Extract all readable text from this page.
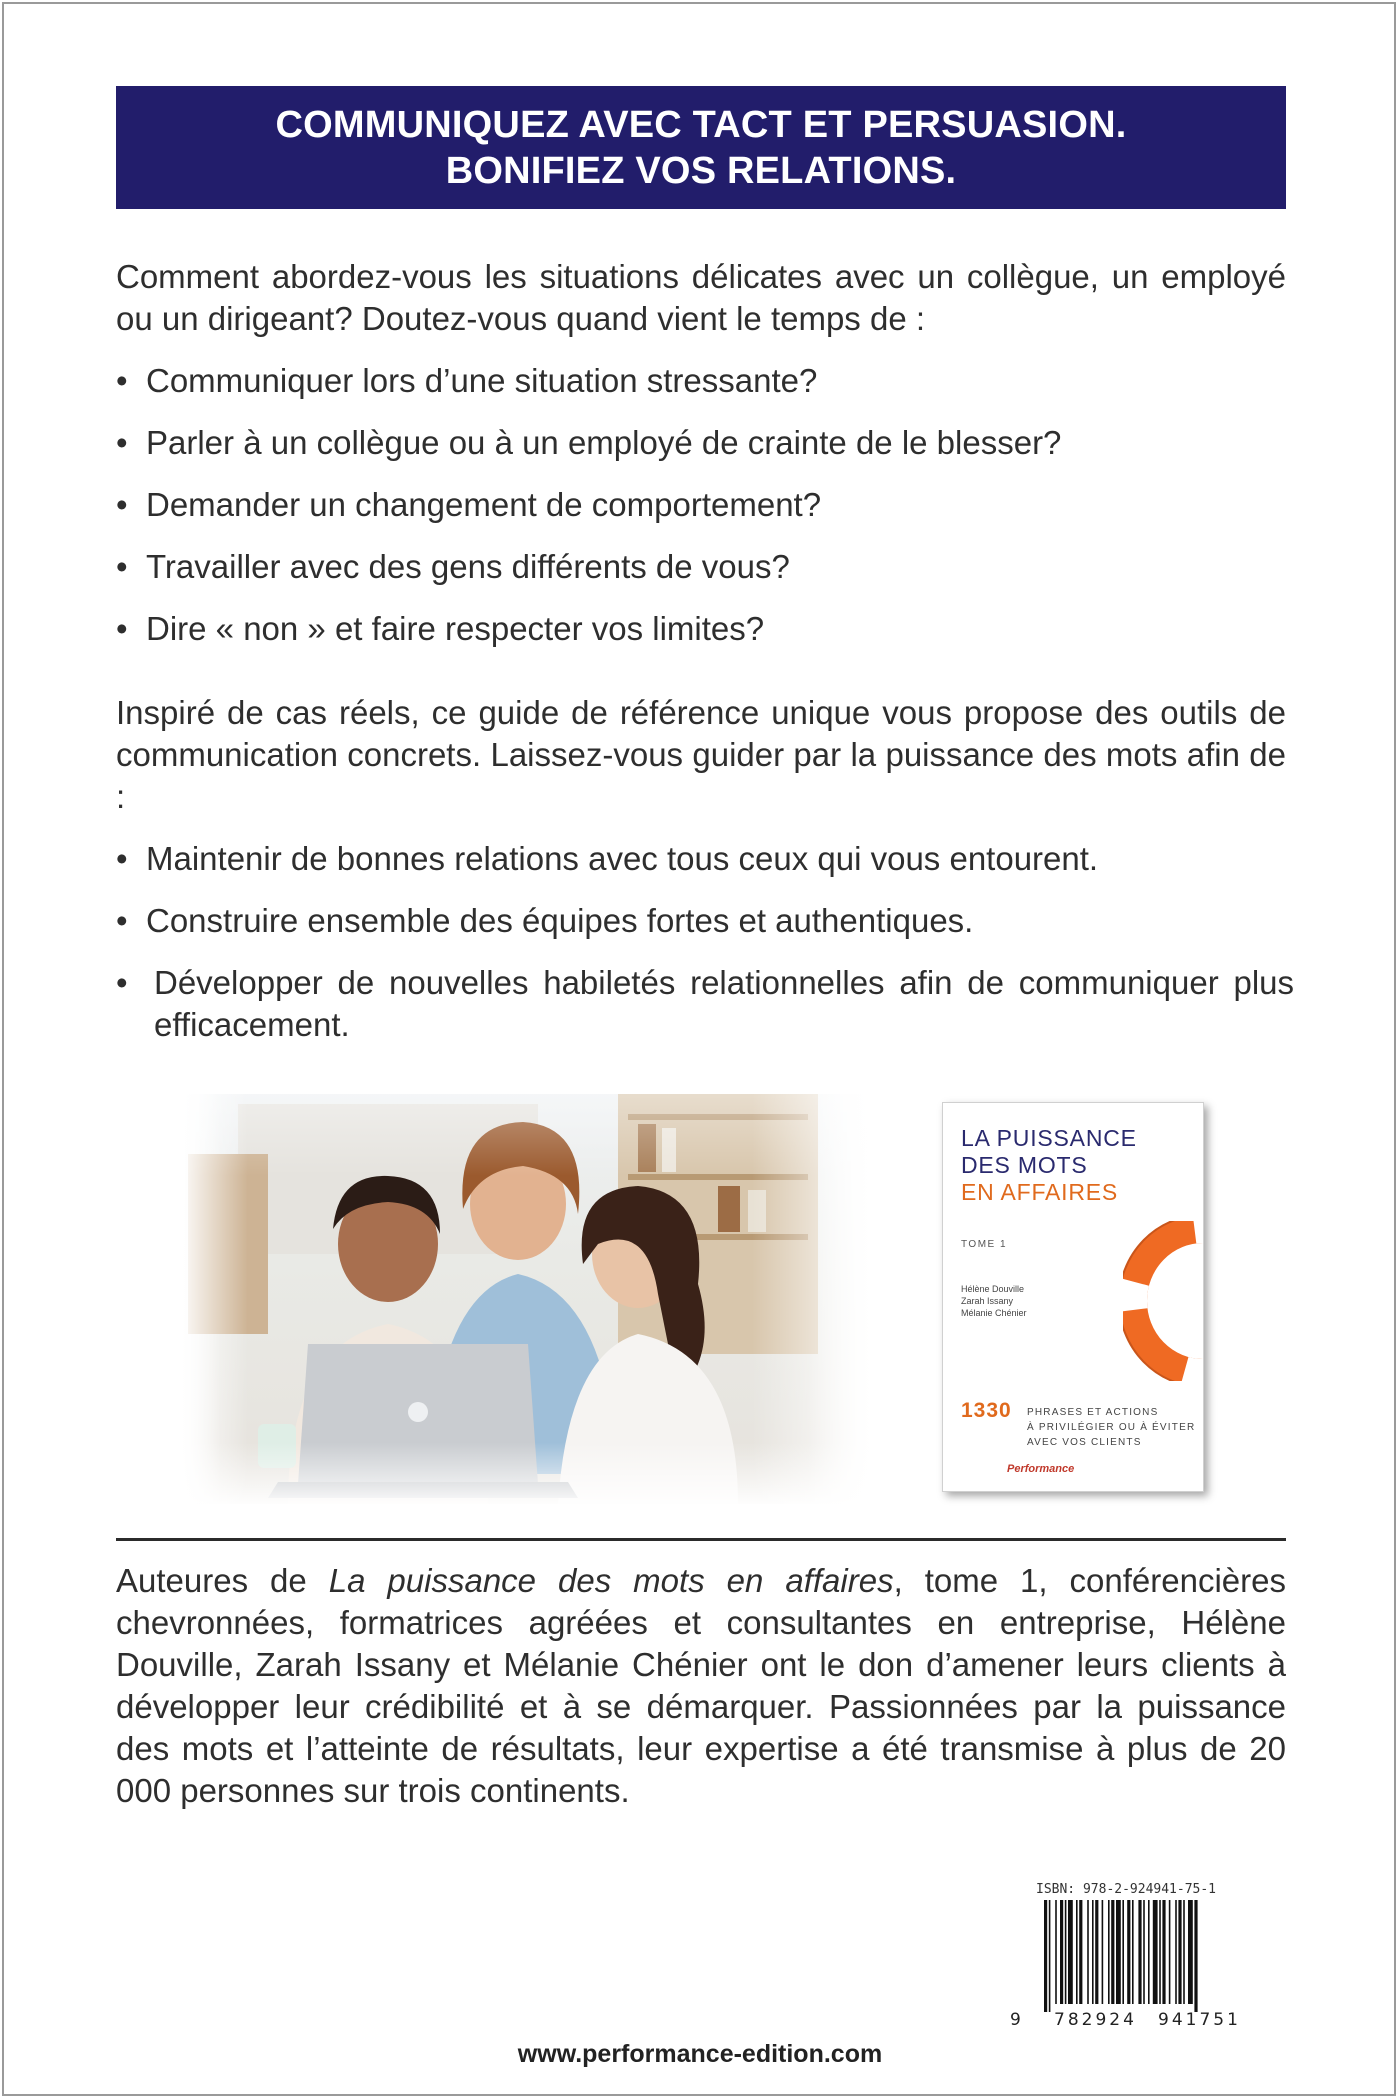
COMMUNIQUEZ AVEC TACT ET PERSUASION.
BONIFIEZ VOS RELATIONS.
Comment abordez-vous les situations délicates avec un collègue, un employé ou un dirigeant? Doutez-vous quand vient le temps de :
• Communiquer lors d’une situation stressante?
• Parler à un collègue ou à un employé de crainte de le blesser?
• Demander un changement de comportement?
• Travailler avec des gens différents de vous?
• Dire « non » et faire respecter vos limites?
Inspiré de cas réels, ce guide de référence unique vous propose des outils de communication concrets. Laissez-vous guider par la puissance des mots afin de :
• Maintenir de bonnes relations avec tous ceux qui vous entourent.
• Construire ensemble des équipes fortes et authentiques.
• Développer de nouvelles habiletés relationnelles afin de communiquer plus efficacement.
LA PUISSANCE
DES MOTS
EN AFFAIRES
TOME 1
Hélène Douville
Zarah Issany
Mélanie Chénier
1330 PHRASES ET ACTIONS
À PRIVILÉGIER OU À ÉVITER
AVEC VOS CLIENTS
Performance
Auteures de La puissance des mots en affaires, tome 1, conférencières chevronnées, formatrices agréées et consultantes en entreprise, Hélène Douville, Zarah Issany et Mélanie Chénier ont le don d’amener leurs clients à développer leur crédibilité et à se démarquer. Passionnées par la puissance des mots et l’atteinte de résultats, leur expertise a été transmise à plus de 20 000 personnes sur trois continents.
ISBN: 978-2-924941-75-1
9 782924 941751
www.performance-edition.com
